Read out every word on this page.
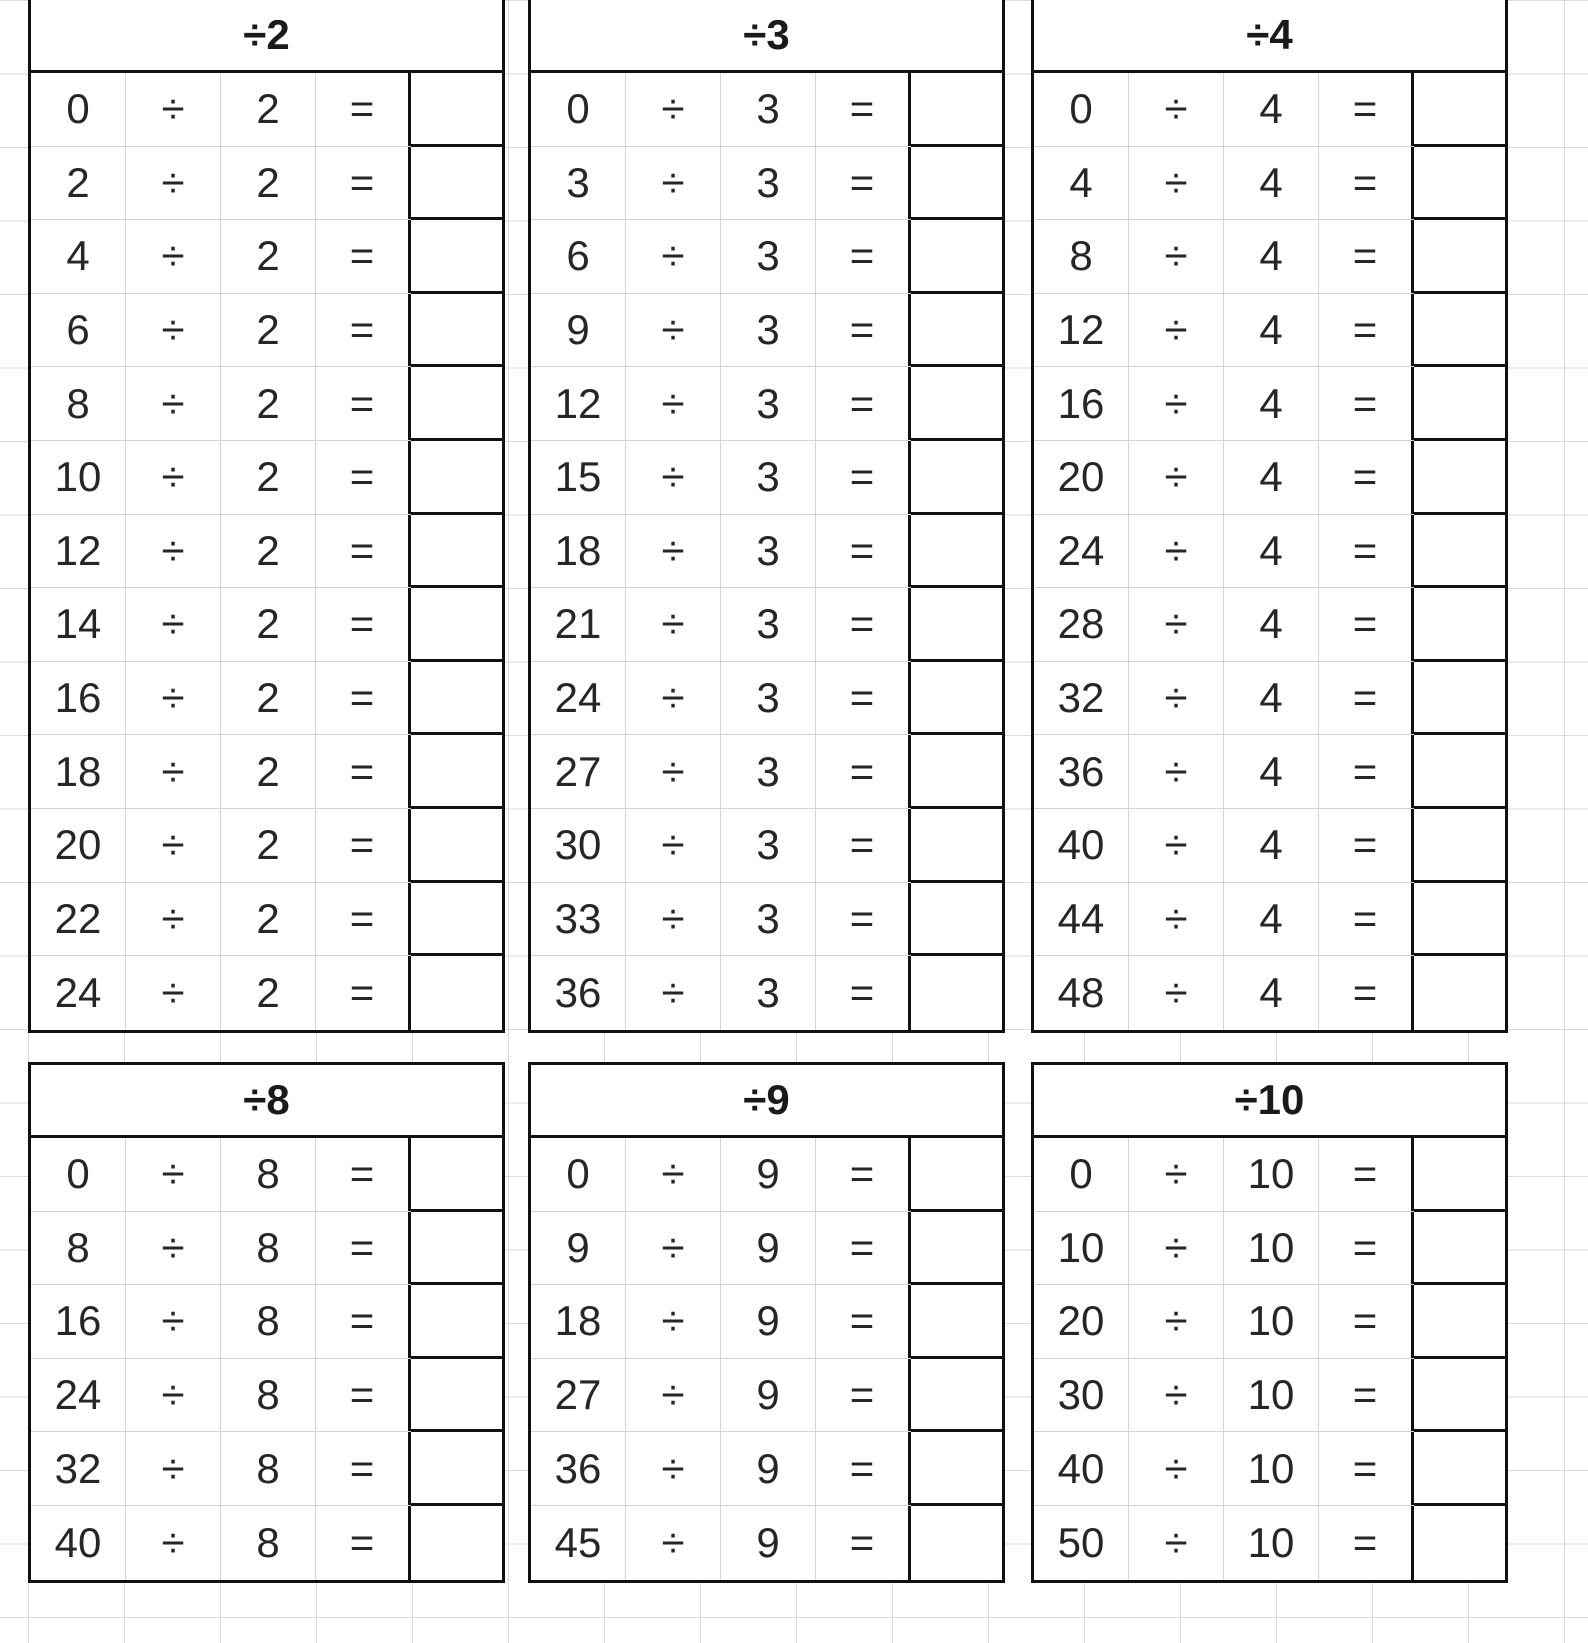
÷2
0	÷	2	=
2	÷	2	=
4	÷	2	=
6	÷	2	=
8	÷	2	=
10	÷	2	=
12	÷	2	=
14	÷	2	=
16	÷	2	=
18	÷	2	=
20	÷	2	=
22	÷	2	=
24	÷	2	=
÷3
0	÷	3	=
3	÷	3	=
6	÷	3	=
9	÷	3	=
12	÷	3	=
15	÷	3	=
18	÷	3	=
21	÷	3	=
24	÷	3	=
27	÷	3	=
30	÷	3	=
33	÷	3	=
36	÷	3	=
÷4
0	÷	4	=
4	÷	4	=
8	÷	4	=
12	÷	4	=
16	÷	4	=
20	÷	4	=
24	÷	4	=
28	÷	4	=
32	÷	4	=
36	÷	4	=
40	÷	4	=
44	÷	4	=
48	÷	4	=
÷8
0	÷	8	=
8	÷	8	=
16	÷	8	=
24	÷	8	=
32	÷	8	=
40	÷	8	=
÷9
0	÷	9	=
9	÷	9	=
18	÷	9	=
27	÷	9	=
36	÷	9	=
45	÷	9	=
÷10
0	÷	10	=
10	÷	10	=
20	÷	10	=
30	÷	10	=
40	÷	10	=
50	÷	10	=
